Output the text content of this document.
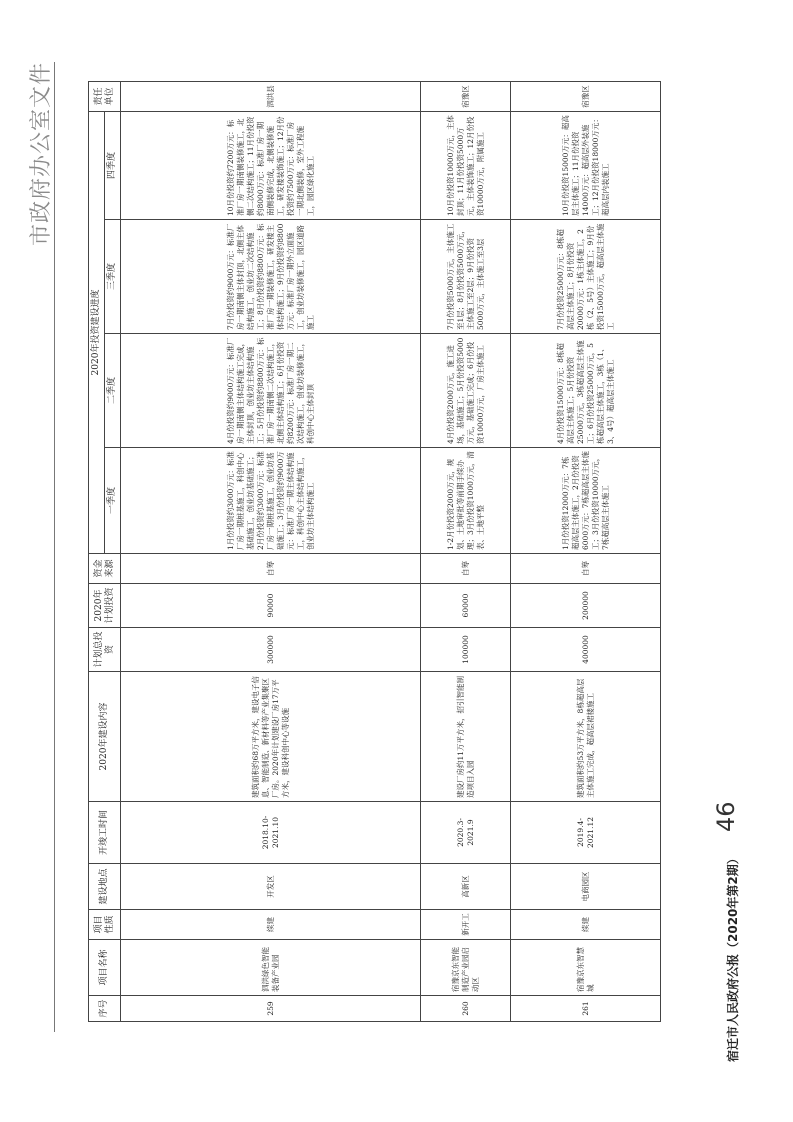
市政府办公室文件
序号	项目名称	项目性质	建设地点	开竣工时间	2020年建设内容	计划总投资	2020年计划投资	资金来源	2020年投资建设进度				责任单位
									一季度	二季度	三季度	四季度	
259	泗洪绿色智能装备产业园	续建	开发区	2018.10-2021.10	建筑面积约68万平方米，建设电子信息、智能制造、新材料等产业集聚区厂房。2020年计划建设厂房17万平方米，建设科创中心等设施	300000	90000	自筹	1月份投资约3000万元：标准厂房一期桩基施工，科创中心基础施工，创业坊基础施工；2月份投资约3000万元：标准厂房一期桩基施工，创业坊基础施工；3月份投资约9000万元：标准厂房一期主体结构施工，科创中心主体结构施工，创业坊主体结构施工	4月份投资约9000万元：标准厂房一期南侧主体结构施工完成，主体封顶，创业坊主体结构施工；5月份投资约8800万元：标准厂房一期南侧二次结构施工，北侧主体结构施工；6月份投资约8200万元：标准厂房一期二次结构施工，创业坊装修施工，科创中心主体封顶	7月份投资约9000万元：标准厂房一期南侧主体封顶，北侧主体结构施工，创业坊二次结构施工；8月份投资约8800万元：标准厂房一期装修施工，研发楼主体结构施工；9月份投资约8800万元：标准厂房一期外立面施工，创业坊装修施工，园区道路施工	10月份投资约7200万元：标准厂房一期南侧装修施工，北侧二次结构施工；11月份投资约8000万元：标准厂房一期南侧装修完成，北侧装修施工，研发楼装饰施工；12月份投资约7500万元：标准厂房一期北侧装修，室外工程施工，园区绿化施工	泗洪县
260	宿豫京东智能制造产业园启动区	新开工	高新区	2020.3-2021.9	建设厂房约11万平方米，招引智能制造项目入园	100000	60000	自筹	1-2月份投资2000万元，规划、土地审批等前期手续办理；3月份投资1000万元，清表、土地平整	4月份投资2000万元，施工进场，基础施工；5月份投资5000万元，基础施工完成；6月份投资10000万元，厂房主体施工	7月份投资5000万元，主体施工至1层；8月份投资5000万元，主体施工至2层；9月份投资5000万元，主体施工至3层	10月份投资10000万元，主体封顶；11月份投资5000万元，主体装饰施工；12月份投资10000万元，附属施工	宿豫区
261	宿豫京东智慧城	续建	电商园区	2019.4-2021.12	建筑面积约53万平方米，8栋超高层主体施工完成，超高层裙楼施工	400000	200000	自筹	1月份投资12000万元：7栋超高层主体施工，2月份投资6000万元：7栋超高层主体施工；3月份投资10000万元，7栋超高层主体施工	4月份投资15000万元：8栋超高层主体施工；5月份投资25000万元，3栋超高层主体施工；6月份投资25000万元，5栋超高层主体施工，3栋（1、3、4号）超高层主体施工	7月份投资25000万元：8栋超高层主体施工；8月份投资20000万元：1栋主体施工，2栋（2、5号）主体施工；9月份投资15000万元，超高层主体施工	10月份投资15000万元：超高层主体施工；11月份投资14000万元：超高层外装施工；12月份投资18000万元：超高层内装施工	宿豫区
宿迁市人民政府公报（2020年第2期）
46
